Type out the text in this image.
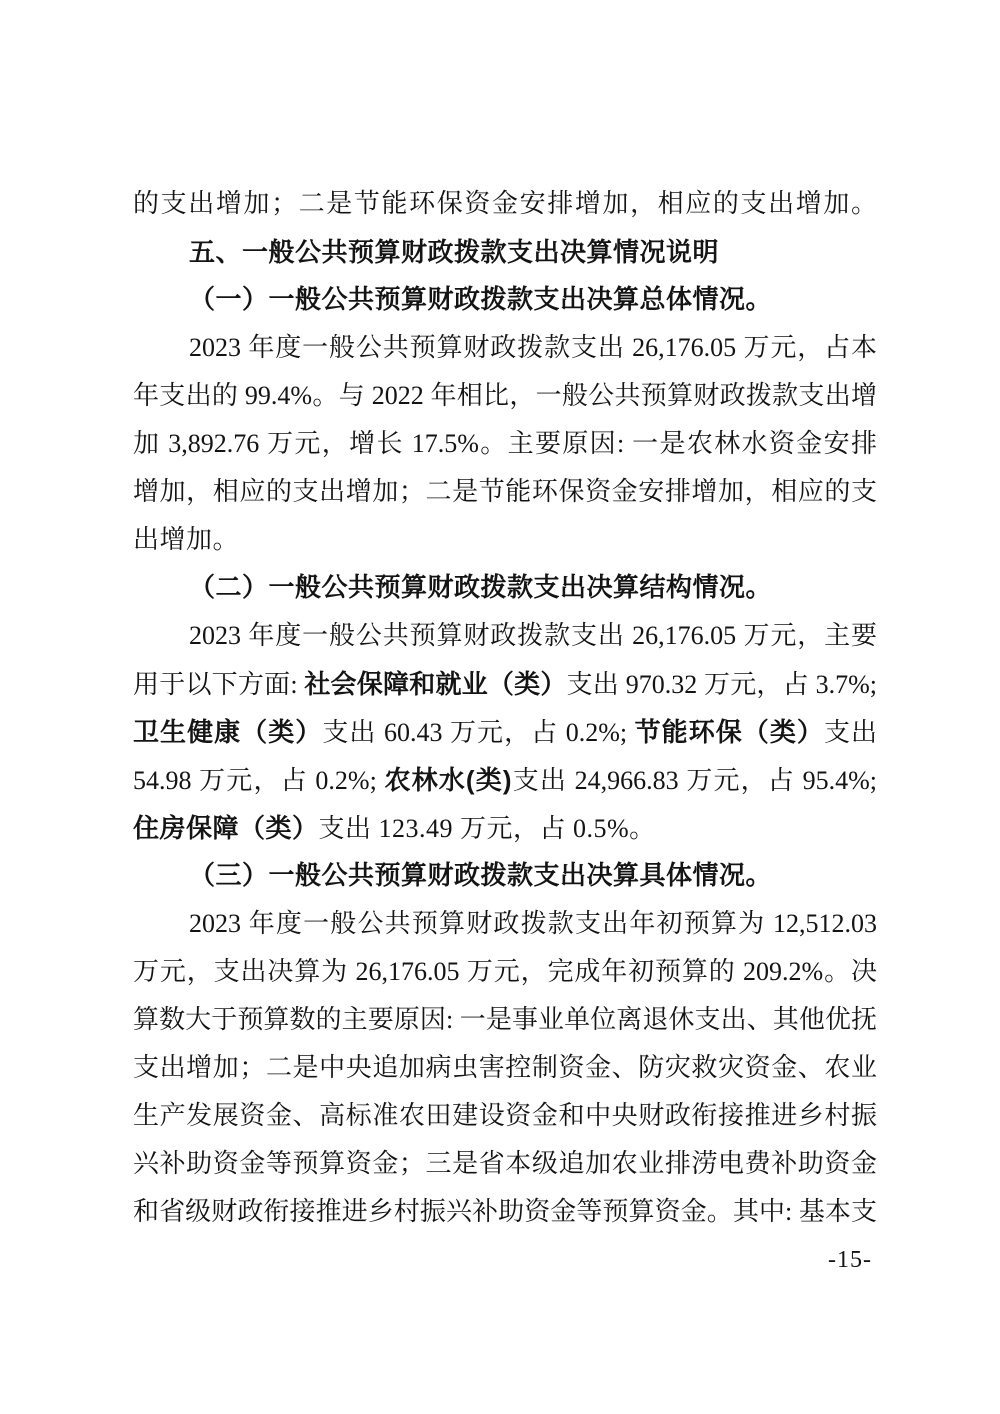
的支出增加；二是节能环保资金安排增加，相应的支出增加。
五、一般公共预算财政拨款支出决算情况说明
（一）一般公共预算财政拨款支出决算总体情况。
2023 年度一般公共预算财政拨款支出 26,176.05 万元，占本
年支出的 99.4%。与 2022 年相比，一般公共预算财政拨款支出增
加 3,892.76 万元，增长 17.5%。主要原因: 一是农林水资金安排
增加，相应的支出增加；二是节能环保资金安排增加，相应的支
出增加。
（二）一般公共预算财政拨款支出决算结构情况。
2023 年度一般公共预算财政拨款支出 26,176.05 万元，主要
用于以下方面: 社会保障和就业（类）支出 970.32 万元，占 3.7%;
卫生健康（类）支出 60.43 万元，占 0.2%; 节能环保（类）支出
54.98 万元，占 0.2%; 农林水(类)支出 24,966.83 万元，占 95.4%;
住房保障（类）支出 123.49 万元，占 0.5%。
（三）一般公共预算财政拨款支出决算具体情况。
2023 年度一般公共预算财政拨款支出年初预算为 12,512.03
万元，支出决算为 26,176.05 万元，完成年初预算的 209.2%。决
算数大于预算数的主要原因: 一是事业单位离退休支出、其他优抚
支出增加；二是中央追加病虫害控制资金、防灾救灾资金、农业
生产发展资金、高标准农田建设资金和中央财政衔接推进乡村振
兴补助资金等预算资金；三是省本级追加农业排涝电费补助资金
和省级财政衔接推进乡村振兴补助资金等预算资金。其中: 基本支
-15-
